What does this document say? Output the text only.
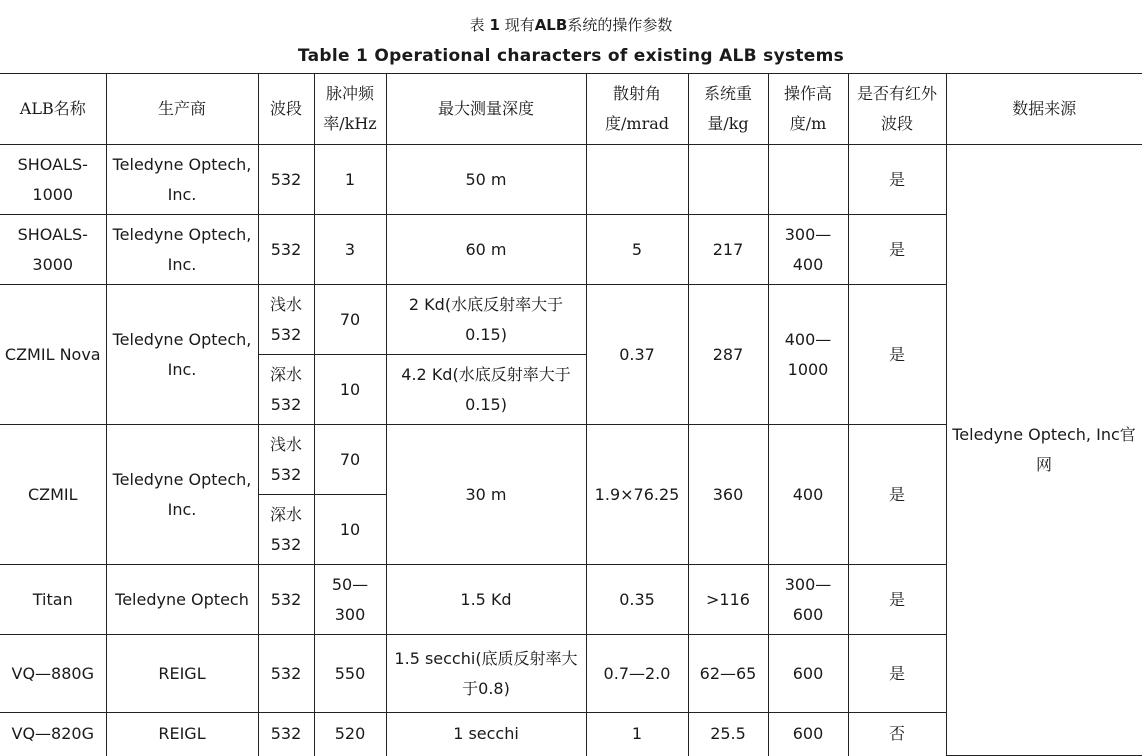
表 1 现有ALB系统的操作参数
Table 1 Operational characters of existing ALB systems
ALB名称	生产商	波段	脉冲频率/kHz	最大测量深度	散射角度/mrad	系统重量/kg	操作高度/m	是否有红外波段	数据来源	
SHOALS-1000	Teledyne Optech, Inc.	532	1	50 m				是	Teledyne Optech, Inc官网	
SHOALS-3000	Teledyne Optech, Inc.	532	3	60 m	5	217	300—400	是		
CZMIL Nova	Teledyne Optech, Inc.	浅水532	70	2 Kd(水底反射率大于0.15)	0.37	287	400—1000	是		
		深水532	10	4.2 Kd(水底反射率大于0.15)						
CZMIL	Teledyne Optech, Inc.	浅水532	70	30 m	1.9×76.25	360	400	是		
		深水532	10							
Titan	Teledyne Optech	532	50—300	1.5 Kd	0.35	>116	300—600	是		
VQ—880G	REIGL	532	550	1.5 secchi(底质反射率大于0.8)	0.7—2.0	62—65	600	是	
VQ—820G	REIGL	532	520	1 secchi	1	25.5	600	否		
